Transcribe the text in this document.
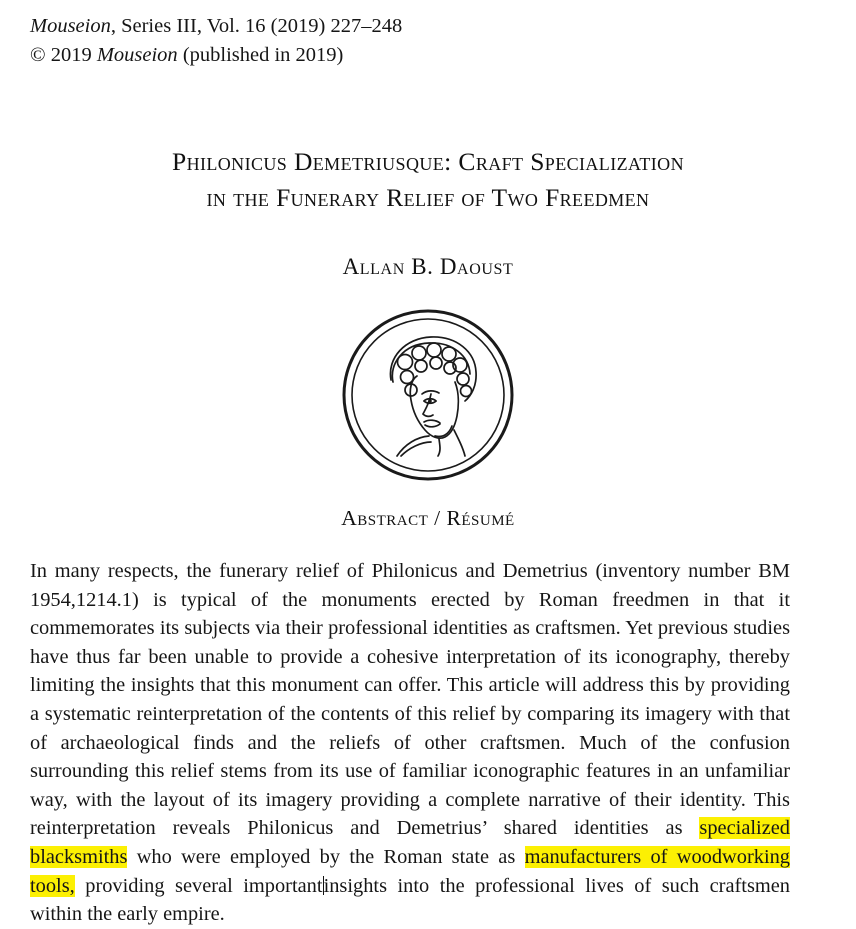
Mouseion, Series III, Vol. 16 (2019) 227–248
© 2019 Mouseion (published in 2019)
Philonicus Demetriusque: Craft Specialization
in the Funerary Relief of Two Freedmen
Allan B. Daoust
Abstract / Résumé
In many respects, the funerary relief of Philonicus and Demetrius (inventory number BM 1954,1214.1) is typical of the monuments erected by Roman freedmen in that it commemorates its subjects via their professional identities as craftsmen. Yet previous studies have thus far been unable to provide a cohesive interpretation of its iconography, thereby limiting the insights that this monument can offer. This article will address this by providing a systematic reinterpretation of the contents of this relief by comparing its imagery with that of archaeological finds and the reliefs of other craftsmen. Much of the confusion surrounding this relief stems from its use of familiar iconographic features in an unfamiliar way, with the layout of its imagery providing a complete narrative of their identity. This reinterpretation reveals Philonicus and Demetrius’ shared identities as specialized blacksmiths who were employed by the Roman state as manufacturers of woodworking tools, providing several importantinsights into the professional lives of such craftsmen within the early empire.
